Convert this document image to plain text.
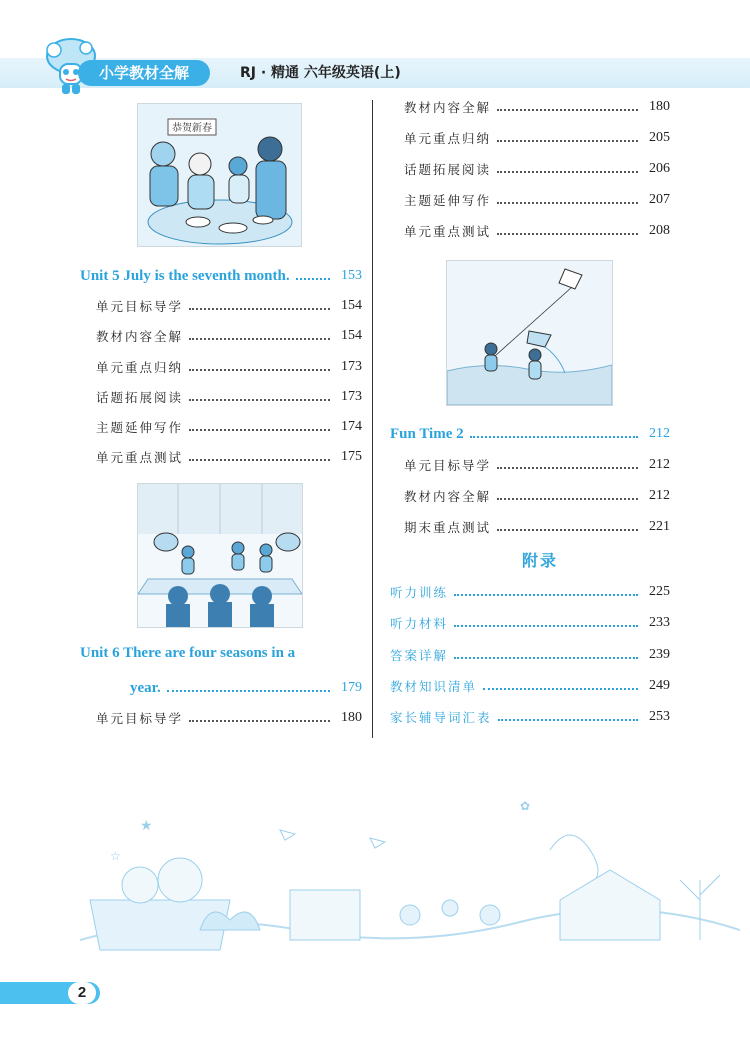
小学教材全解	RJ · 精通 六年级英语(上)
恭贺新春
Unit 5 July is the seventh month.	153
单元目标导学	154
教材内容全解	154
单元重点归纳	173
话题拓展阅读	173
主题延伸写作	174
单元重点测试	175
Unit 6 There are four seasons in a
year.	179
单元目标导学	180
教材内容全解	180
单元重点归纳	205
话题拓展阅读	206
主题延伸写作	207
单元重点测试	208
Fun Time 2	212
单元目标导学	212
教材内容全解	212
期末重点测试	221
附录
听力训练	225
听力材料	233
答案详解	239
教材知识清单	249
家长辅导词汇表	253
★
☆
✿
2
